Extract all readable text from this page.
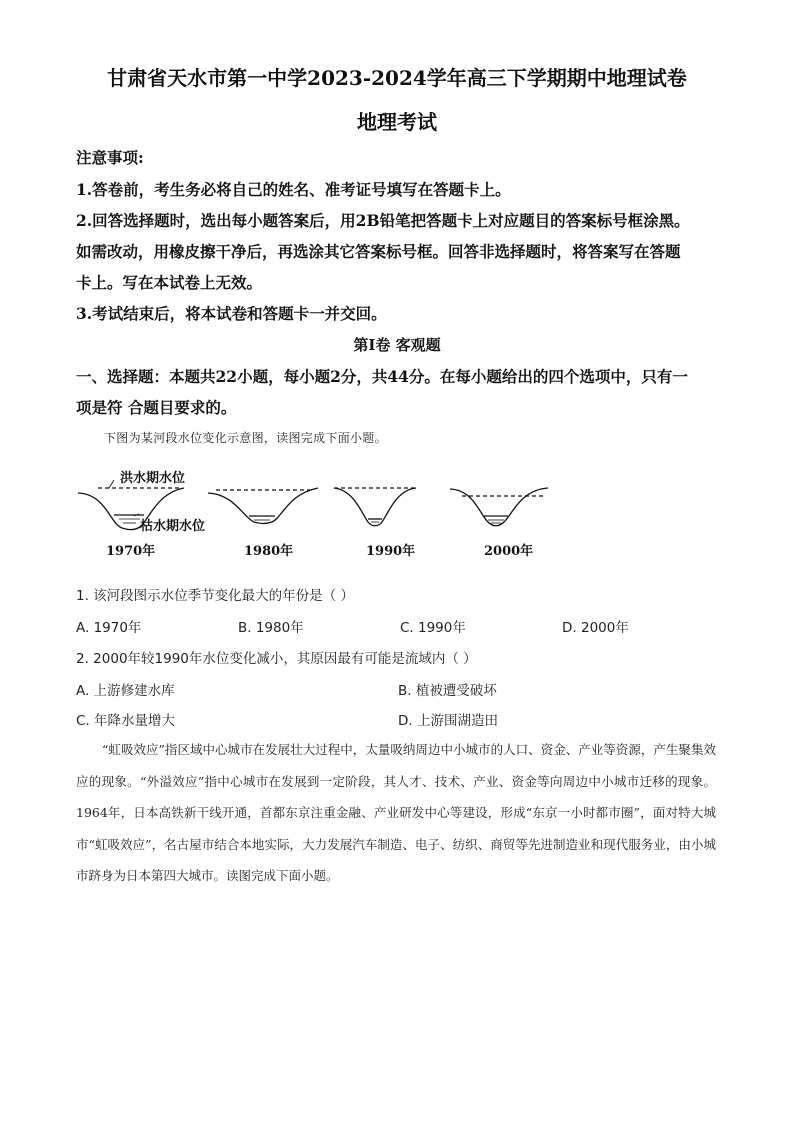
甘肃省天水市第一中学2023-2024学年高三下学期期中地理试卷
地理考试
注意事项:
1.答卷前，考生务必将自己的姓名、准考证号填写在答题卡上。
2.回答选择题时，选出每小题答案后，用2B铅笔把答题卡上对应题目的答案标号框涂黑。
如需改动，用橡皮擦干净后，再选涂其它答案标号框。回答非选择题时，将答案写在答题
卡上。写在本试卷上无效。
3.考试结束后，将本试卷和答题卡一并交回。
第Ⅰ卷 客观题
一、选择题：本题共22小题，每小题2分，共44分。在每小题给出的四个选项中，只有一
项是符 合题目要求的。
下图为某河段水位变化示意图，读图完成下面小题。
洪水期水位
枯水期水位
1970年	1980年	1990年	2000年
1. 该河段图示水位季节变化最大的年份是（ ）
A. 1970年	B. 1980年	C. 1990年	D. 2000年
2. 2000年较1990年水位变化减小，其原因最有可能是流域内（ ）
A. 上游修建水库	B. 植被遭受破坏
C. 年降水量增大	D. 上游围湖造田
“虹吸效应”指区域中心城市在发展壮大过程中，太量吸纳周边中小城市的人口、资金、产业等资源，产生聚集效应的现象。“外溢效应”指中心城市在发展到一定阶段，其人才、技术、产业、资金等向周边中小城市迁移的现象。1964年，日本高铁新干线开通，首都东京注重金融、产业研发中心等建设，形成“东京一小时都市圈”，面对特大城市“虹吸效应”，名古屋市结合本地实际，大力发展汽车制造、电子、纺织、商贸等先进制造业和现代服务业，由小城市跻身为日本第四大城市。读图完成下面小题。
